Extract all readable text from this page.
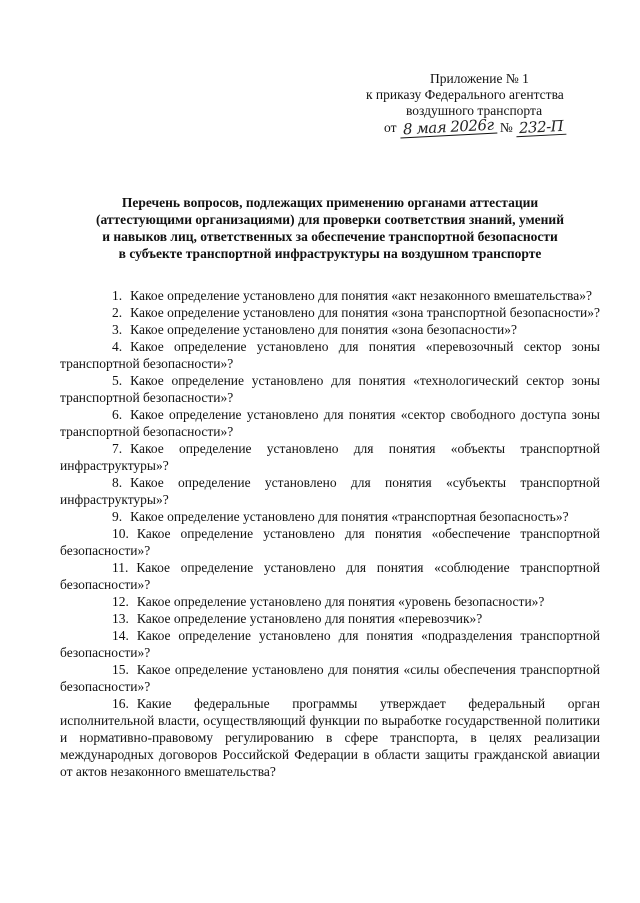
Приложение № 1
к приказу Федерального агентства
воздушного транспорта
от 8 мая 2026г № 232-П
Перечень вопросов, подлежащих применению органами аттестации
(аттестующими организациями) для проверки соответствия знаний, умений
и навыков лиц, ответственных за обеспечение транспортной безопасности
в субъекте транспортной инфраструктуры на воздушном транспорте

1. Какое определение установлено для понятия «акт незаконного вмешательства»?

2. Какое определение установлено для понятия «зона транспортной безопасности»?

3. Какое определение установлено для понятия «зона безопасности»?

4. Какое определение установлено для понятия «перевозочный сектор зоны транспортной безопасности»?

5. Какое определение установлено для понятия «технологический сектор зоны транспортной безопасности»?

6. Какое определение установлено для понятия «сектор свободного доступа зоны транспортной безопасности»?

7. Какое определение установлено для понятия «объекты транспортной инфраструктуры»?

8. Какое определение установлено для понятия «субъекты транспортной инфраструктуры»?

9. Какое определение установлено для понятия «транспортная безопасность»?

10. Какое определение установлено для понятия «обеспечение транспортной безопасности»?

11. Какое определение установлено для понятия «соблюдение транспортной безопасности»?

12. Какое определение установлено для понятия «уровень безопасности»?

13. Какое определение установлено для понятия «перевозчик»?

14. Какое определение установлено для понятия «подразделения транспортной безопасности»?

15. Какое определение установлено для понятия «силы обеспечения транспортной безопасности»?

16. Какие федеральные программы утверждает федеральный орган исполнительной власти, осуществляющий функции по выработке государственной политики и нормативно-правовому регулированию в сфере транспорта, в целях реализации международных договоров Российской Федерации в области защиты гражданской авиации от актов незаконного вмешательства?
